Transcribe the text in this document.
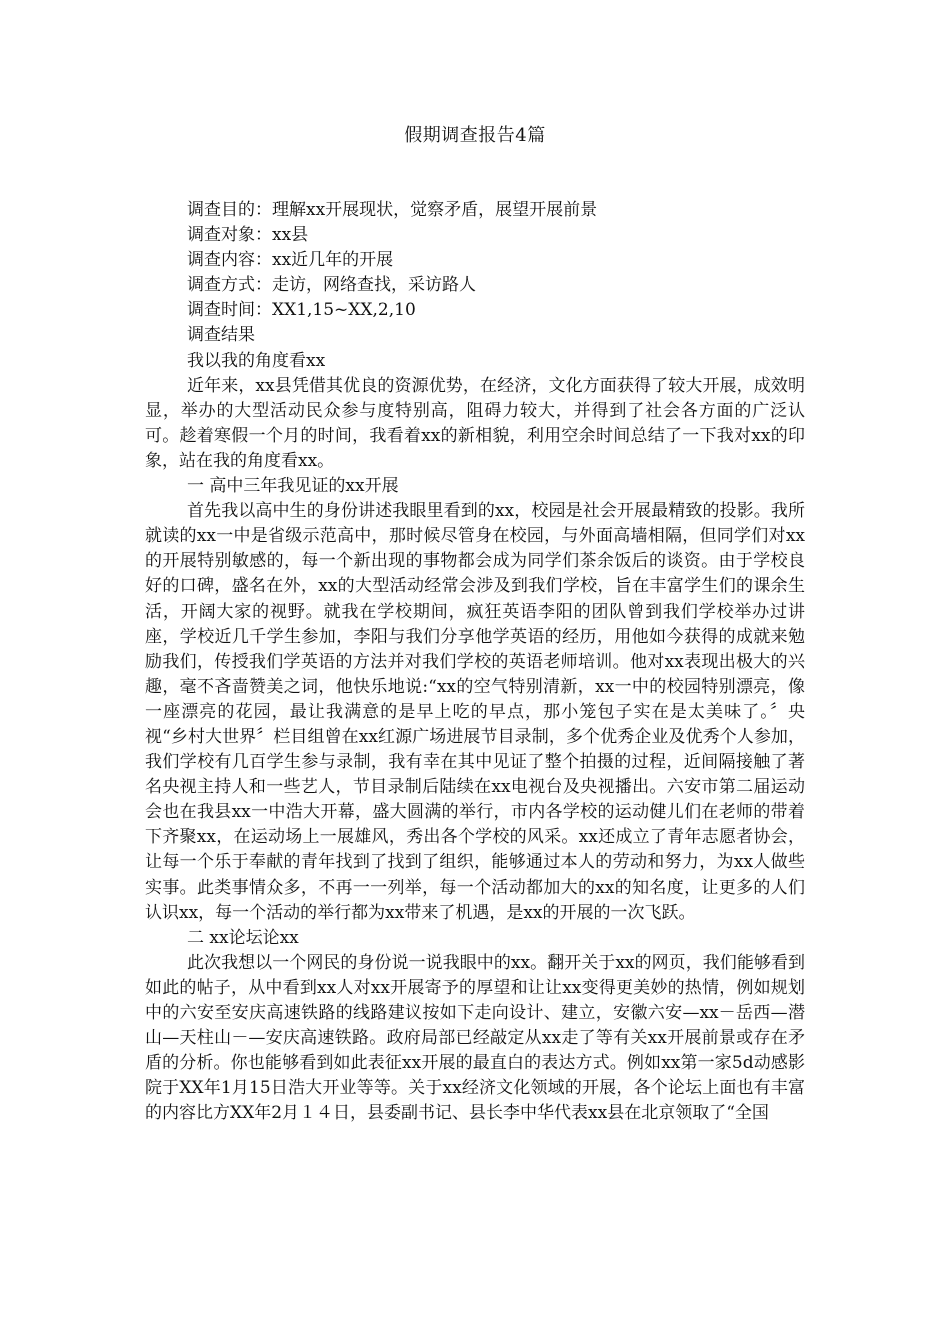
假期调查报告4篇

调查目的：理解xx开展现状，觉察矛盾，展望开展前景

调查对象：xx县

调查内容：xx近几年的开展

调查方式：走访，网络查找，采访路人

调查时间：XX1,15~XX,2,10

调查结果

我以我的角度看xx

近年来，xx县凭借其优良的资源优势，在经济，文化方面获得了较大开展，成效明显，举办的大型活动民众参与度特别高，阻碍力较大，并得到了社会各方面的广泛认可。趁着寒假一个月的时间，我看着xx的新相貌，利用空余时间总结了一下我对xx的印象，站在我的角度看xx。

一 高中三年我见证的xx开展

首先我以高中生的身份讲述我眼里看到的xx，校园是社会开展最精致的投影。我所就读的xx一中是省级示范高中，那时候尽管身在校园，与外面高墙相隔，但同学们对xx的开展特别敏感的，每一个新出现的事物都会成为同学们茶余饭后的谈资。由于学校良好的口碑，盛名在外，xx的大型活动经常会涉及到我们学校，旨在丰富学生们的课余生活，开阔大家的视野。就我在学校期间，疯狂英语李阳的团队曾到我们学校举办过讲座，学校近几千学生参加，李阳与我们分享他学英语的经历，用他如今获得的成就来勉励我们，传授我们学英语的方法并对我们学校的英语老师培训。他对xx表现出极大的兴趣，毫不吝啬赞美之词，他快乐地说:“xx的空气特别清新，xx一中的校园特别漂亮，像一座漂亮的花园，最让我满意的是早上吃的早点，那小笼包子实在是太美味了。〞央视“乡村大世界〞栏目组曾在xx红源广场进展节目录制，多个优秀企业及优秀个人参加，我们学校有几百学生参与录制，我有幸在其中见证了整个拍摄的过程，近间隔接触了著名央视主持人和一些艺人，节目录制后陆续在xx电视台及央视播出。六安市第二届运动会也在我县xx一中浩大开幕，盛大圆满的举行，市内各学校的运动健儿们在老师的带着下齐聚xx，在运动场上一展雄风，秀出各个学校的风采。xx还成立了青年志愿者协会，让每一个乐于奉献的青年找到了找到了组织，能够通过本人的劳动和努力，为xx人做些实事。此类事情众多，不再一一列举，每一个活动都加大的xx的知名度，让更多的人们认识xx，每一个活动的举行都为xx带来了机遇，是xx的开展的一次飞跃。

二 xx论坛论xx

此次我想以一个网民的身份说一说我眼中的xx。翻开关于xx的网页，我们能够看到如此的帖子，从中看到xx人对xx开展寄予的厚望和让让xx变得更美妙的热情，例如规划中的六安至安庆高速铁路的线路建议按如下走向设计、建立，安徽六安—xx－岳西—潜山—天柱山－—安庆高速铁路。政府局部已经敲定从xx走了等有关xx开展前景或存在矛盾的分析。你也能够看到如此表征xx开展的最直白的表达方式。例如xx第一家5d动感影院于XX年1月15日浩大开业等等。关于xx经济文化领域的开展，各个论坛上面也有丰富的内容比方XX年2月１４日，县委副书记、县长李中华代表xx县在北京领取了“全国
